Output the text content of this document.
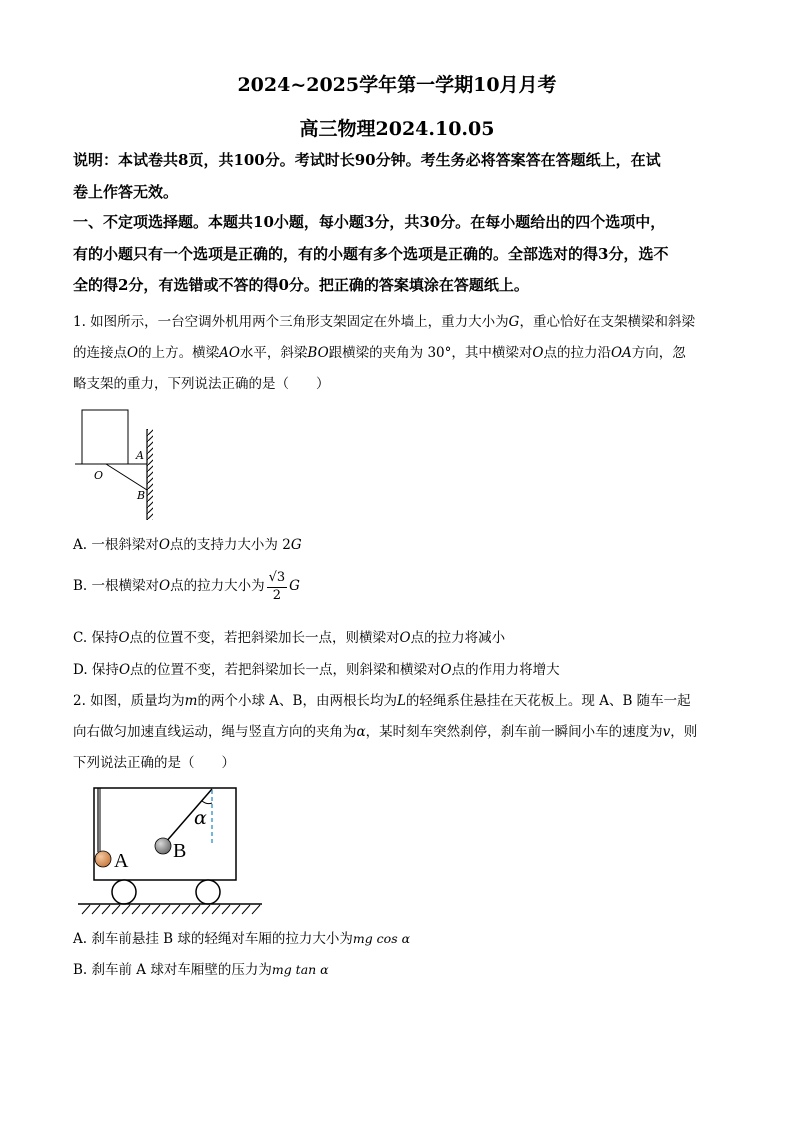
2024~2025学年第一学期10月月考
高三物理2024.10.05
说明：本试卷共8页，共100分。考试时长90分钟。考生务必将答案答在答题纸上，在试
卷上作答无效。
一、不定项选择题。本题共10小题，每小题3分，共30分。在每小题给出的四个选项中，
有的小题只有一个选项是正确的，有的小题有多个选项是正确的。全部选对的得3分，选不
全的得2分，有选错或不答的得0分。把正确的答案填涂在答题纸上。
1. 如图所示，一台空调外机用两个三角形支架固定在外墙上，重力大小为G，重心恰好在支架横梁和斜梁
的连接点O的上方。横梁AO水平，斜梁BO跟横梁的夹角为 30°，其中横梁对O点的拉力沿OA方向，忽
略支架的重力，下列说法正确的是（　　）
O
A
B
A. 一根斜梁对O点的支持力大小为 2G
B. 一根横梁对O点的拉力大小为 $\frac{√3}{2}$ G
C. 保持O点的位置不变，若把斜梁加长一点，则横梁对O点的拉力将减小
D. 保持O点的位置不变，若把斜梁加长一点，则斜梁和横梁对O点的作用力将增大
2. 如图，质量均为m的两个小球 A、B，由两根长均为L的轻绳系住悬挂在天花板上。现 A、B 随车一起
向右做匀加速直线运动，绳与竖直方向的夹角为α，某时刻车突然刹停，刹车前一瞬间小车的速度为v，则
下列说法正确的是（　　）
α
A B
A. 刹车前悬挂 B 球的轻绳对车厢的拉力大小为mg cos α
B. 刹车前 A 球对车厢壁的压力为mg tan α
